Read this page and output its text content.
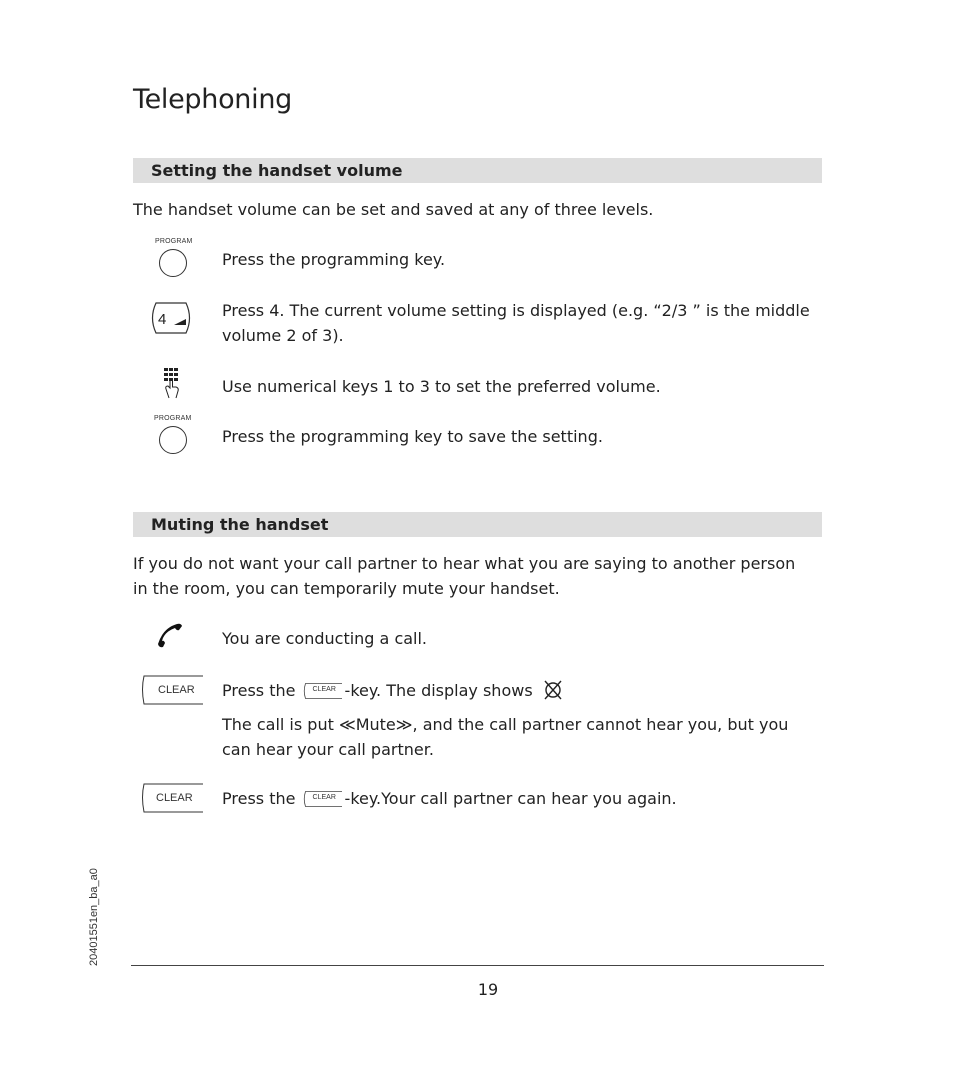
Telephoning
Setting the handset volume

The handset volume can be set and saved at any of three levels.

PROGRAM

Press the programming key.

4	Press 4. The current volume setting is displayed (e.g. “2/3 ” is the middle volume 2 of 3).

Use numerical keys 1 to 3 to set the preferred volume.

PROGRAM

Press the programming key to save the setting.

Muting the handset

If you do not want your call partner to hear what you are saying to another person in the room, you can temporarily mute your handset.

You are conducting a call.

CLEAR Press the CLEAR -key. The display shows

The call is put ≪Mute≫, and the call partner cannot hear you, but you can hear your call partner.

CLEAR Press the CLEAR -key.Your call partner can hear you again.

20401551en_ba_a0
19
